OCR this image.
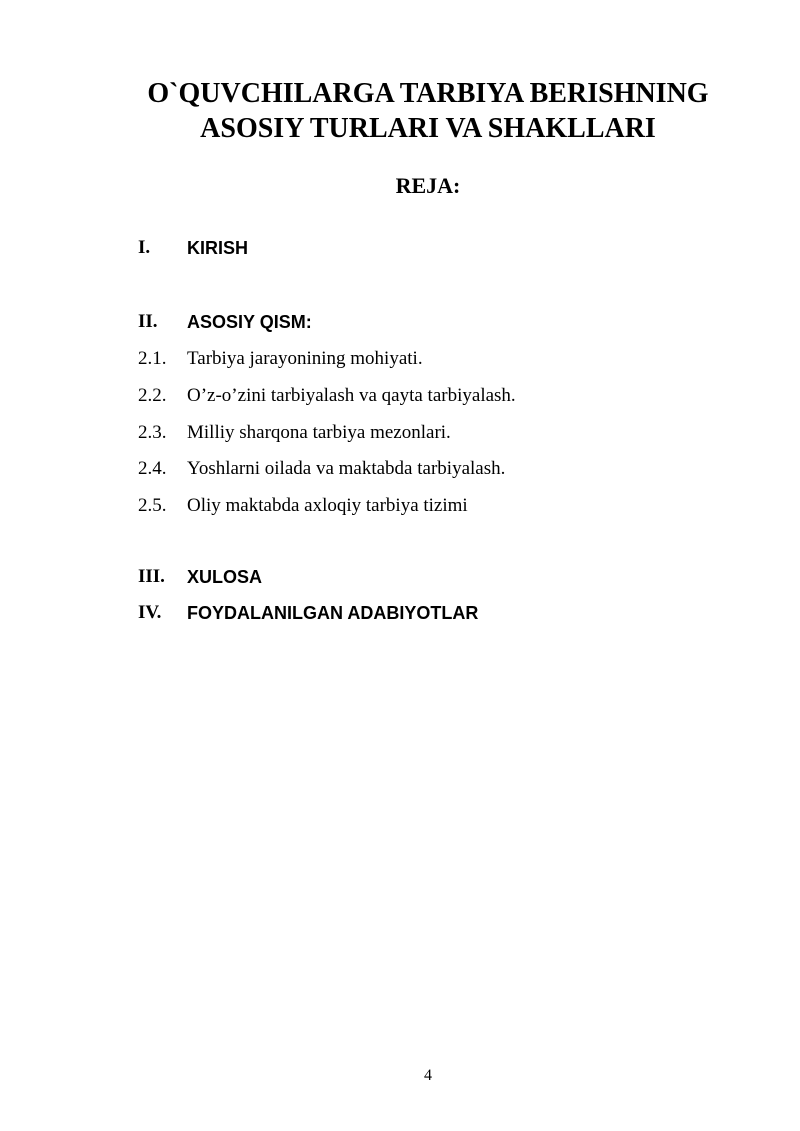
O`QUVCHILARGA TARBIYA BERISHNING
ASOSIY TURLARI VA SHAKLLARI
REJA:
I. KIRISH
II. ASOSIY QISM:
2.1. Tarbiya jarayonining mohiyati.
2.2. O’z-o’zini tarbiyalash va qayta tarbiyalash.
2.3. Milliy sharqona tarbiya mezonlari.
2.4. Yoshlarni oilada va maktabda tarbiyalash.
2.5. Oliy maktabda axloqiy tarbiya tizimi
III. XULOSA
IV. FOYDALANILGAN ADABIYOTLAR
4
